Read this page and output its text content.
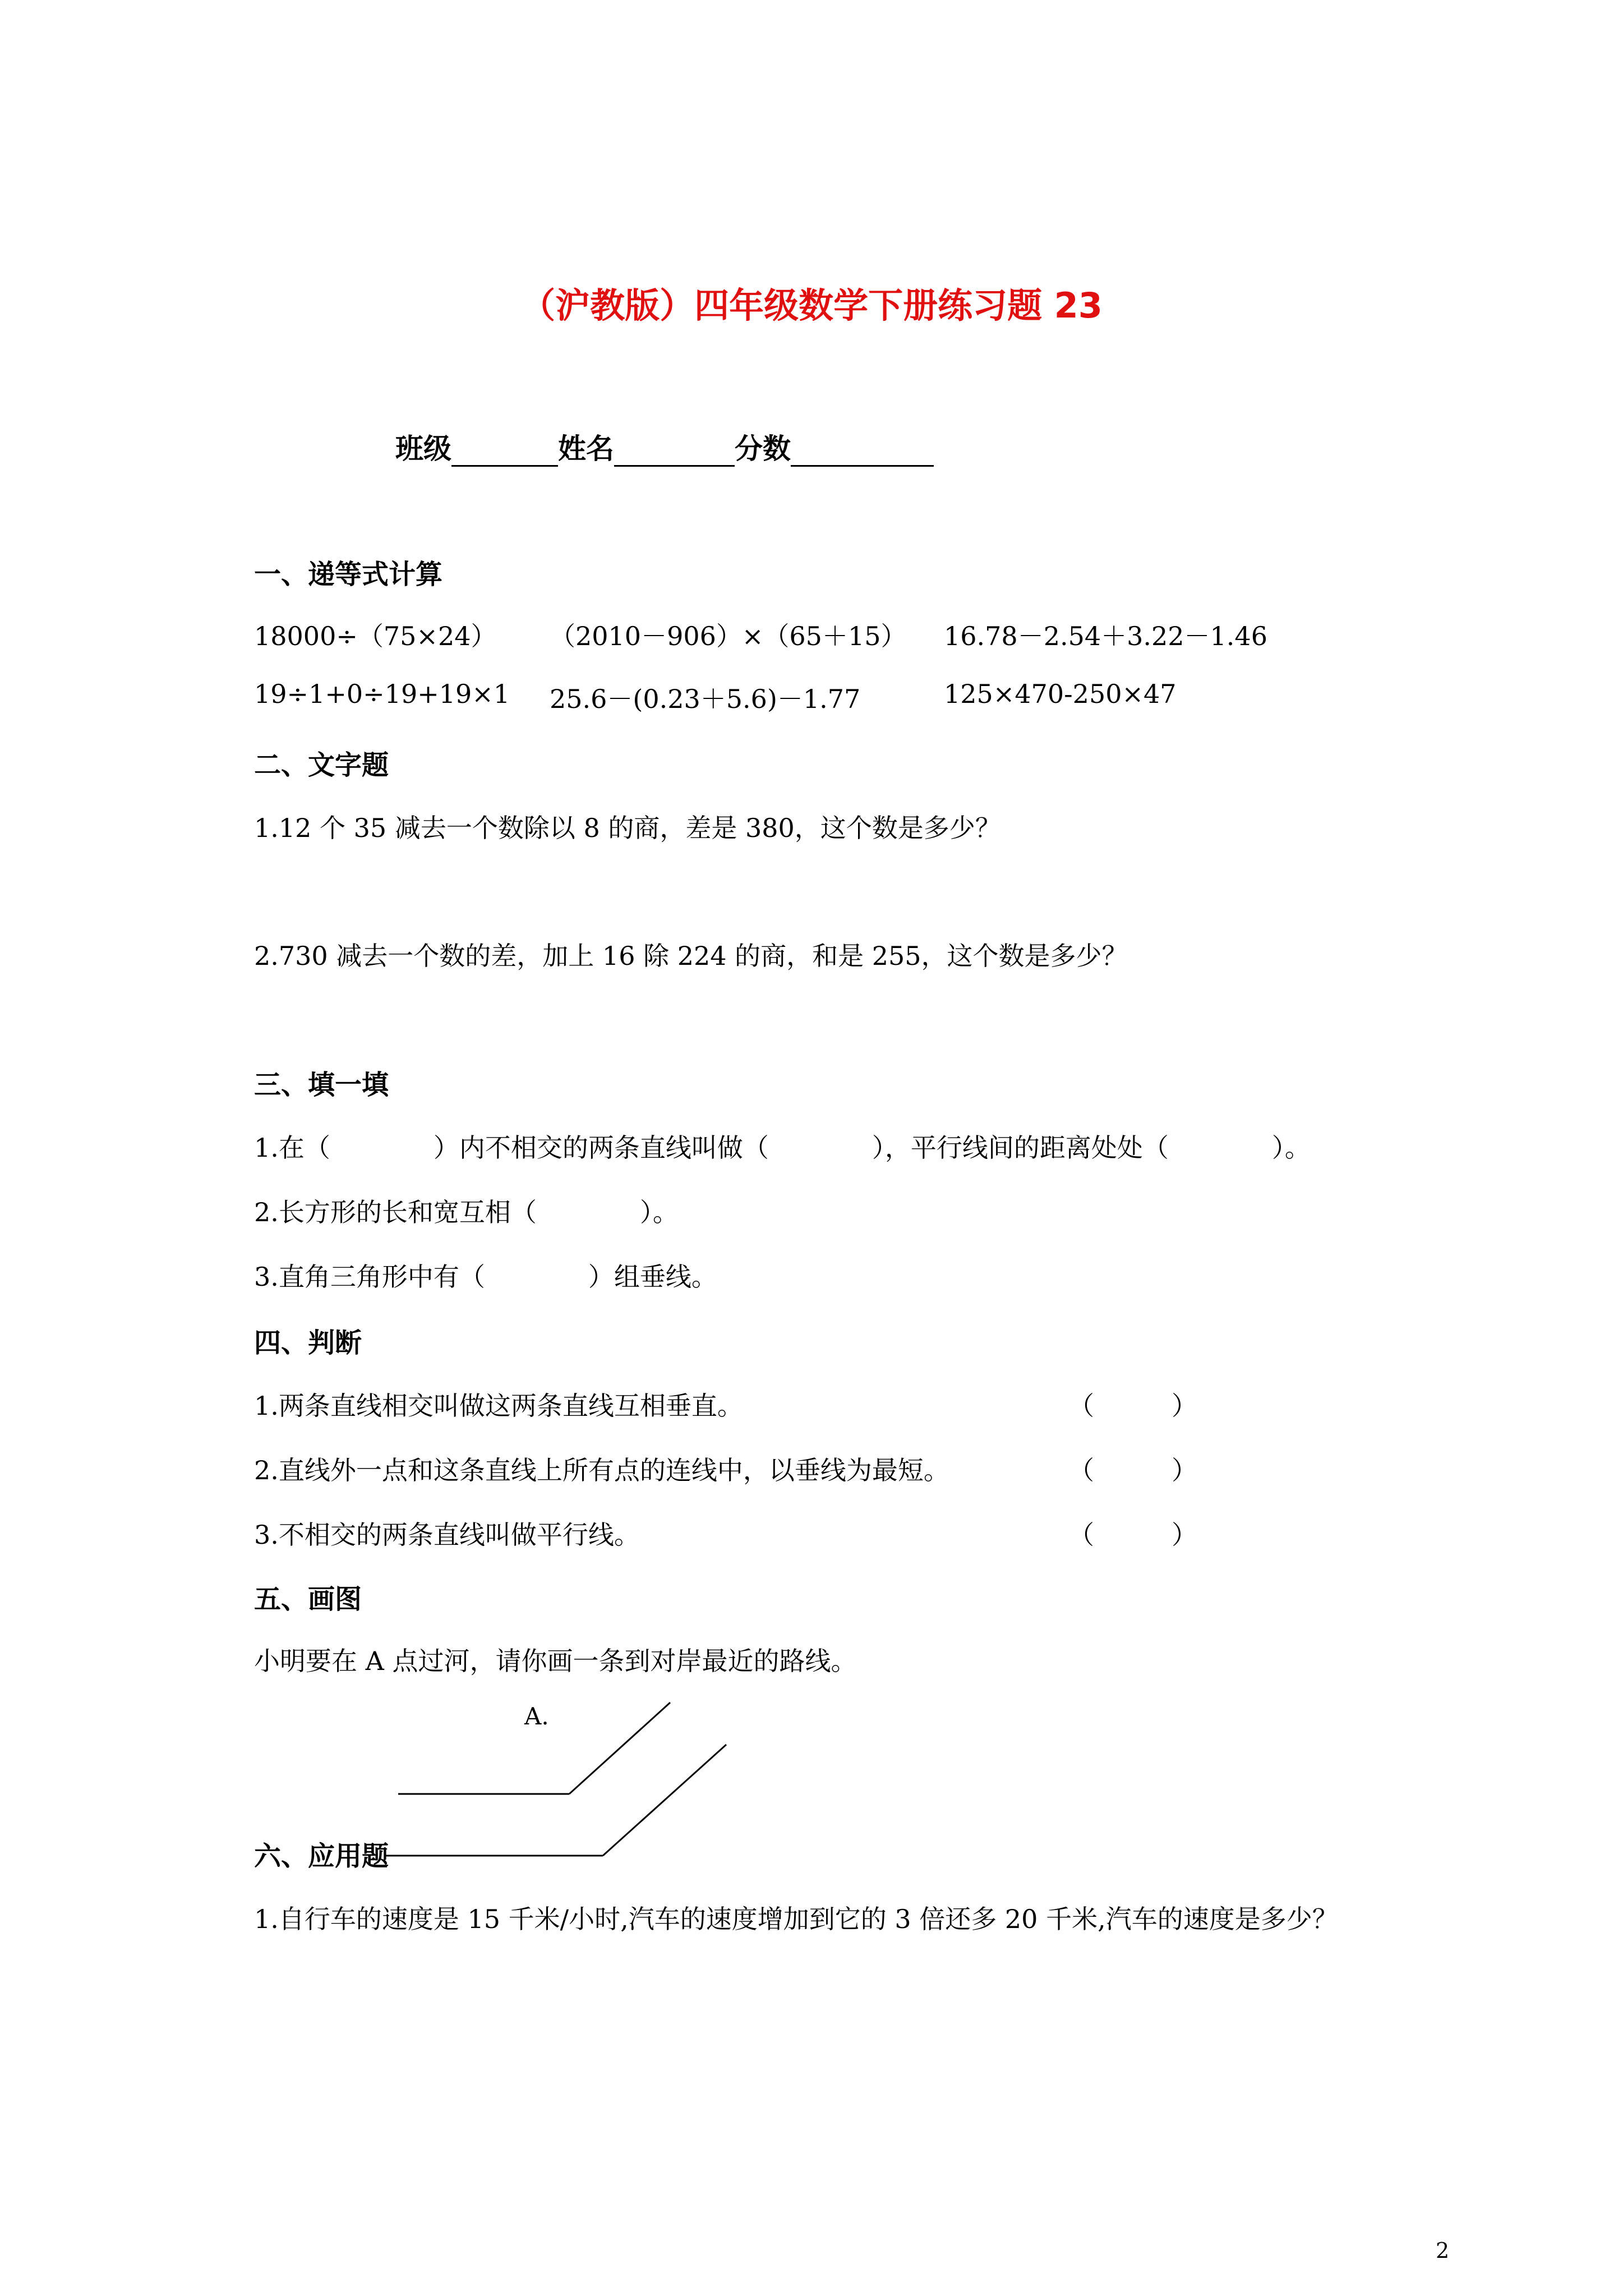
（沪教版）四年级数学下册练习题 23
班级	姓名	分数
一、递等式计算
18000÷（75×24） （2010－906）×（65＋15） 16.78－2.54＋3.22－1.46
19÷1+0÷19+19×1 25.6－(0.23＋5.6)－1.77	125×470-250×47
二、文字题
1.12 个 35 减去一个数除以 8 的商，差是 380，这个数是多少？
2.730 减去一个数的差，加上 16 除 224 的商，和是 255，这个数是多少？
三、填一填
1.在（　　　　）内不相交的两条直线叫做（　　　　），平行线间的距离处处（　　　　）。
2.长方形的长和宽互相（　　　　）。
3.直角三角形中有（　　　　）组垂线。
四、判断
1.两条直线相交叫做这两条直线互相垂直。	（　　　）
2.直线外一点和这条直线上所有点的连线中，以垂线为最短。	（　　　）
3.不相交的两条直线叫做平行线。	（　　　）
五、画图
小明要在 A 点过河，请你画一条到对岸最近的路线。
A.
六、应用题
1.自行车的速度是 15 千米/小时,汽车的速度增加到它的 3 倍还多 20 千米,汽车的速度是多少？
2
